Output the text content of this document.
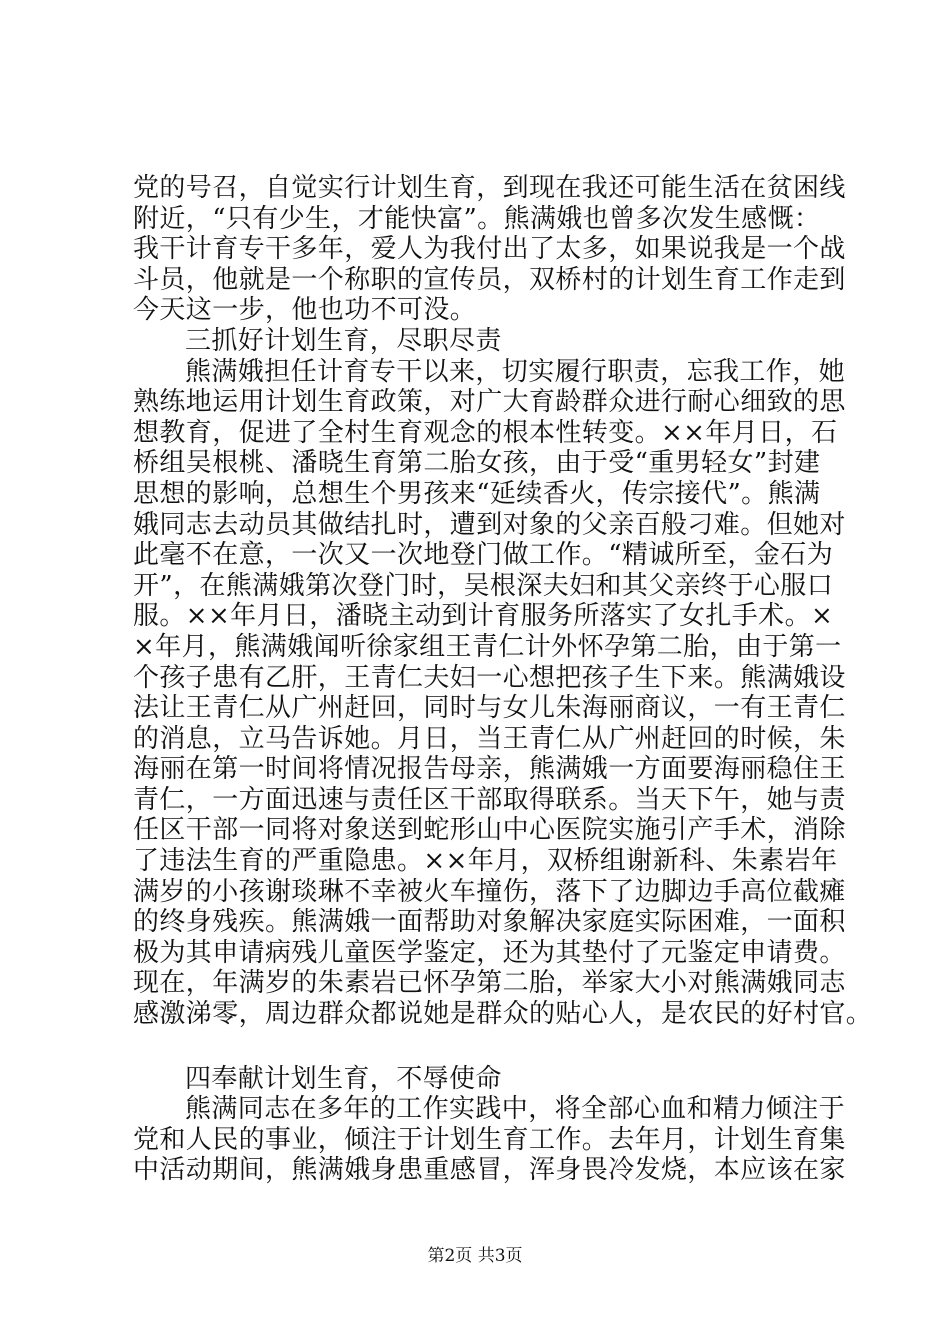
党的号召，自觉实行计划生育，到现在我还可能生活在贫困线
附近，“只有少生，才能快富”。熊满娥也曾多次发生感慨：
我干计育专干多年，爱人为我付出了太多，如果说我是一个战
斗员，他就是一个称职的宣传员，双桥村的计划生育工作走到
今天这一步，他也功不可没。
三抓好计划生育，尽职尽责
熊满娥担任计育专干以来，切实履行职责，忘我工作，她
熟练地运用计划生育政策，对广大育龄群众进行耐心细致的思
想教育，促进了全村生育观念的根本性转变。××年月日，石
桥组吴根桃、潘晓生育第二胎女孩，由于受“重男轻女”封建
思想的影响，总想生个男孩来“延续香火，传宗接代”。熊满
娥同志去动员其做结扎时，遭到对象的父亲百般刁难。但她对
此毫不在意，一次又一次地登门做工作。“精诚所至，金石为
开”，在熊满娥第次登门时，吴根深夫妇和其父亲终于心服口
服。××年月日，潘晓主动到计育服务所落实了女扎手术。×
×年月，熊满娥闻听徐家组王青仁计外怀孕第二胎，由于第一
个孩子患有乙肝，王青仁夫妇一心想把孩子生下来。熊满娥设
法让王青仁从广州赶回，同时与女儿朱海丽商议，一有王青仁
的消息，立马告诉她。月日，当王青仁从广州赶回的时候，朱
海丽在第一时间将情况报告母亲，熊满娥一方面要海丽稳住王
青仁，一方面迅速与责任区干部取得联系。当天下午，她与责
任区干部一同将对象送到蛇形山中心医院实施引产手术，消除
了违法生育的严重隐患。××年月，双桥组谢新科、朱素岩年
满岁的小孩谢琰琳不幸被火车撞伤，落下了边脚边手高位截瘫
的终身残疾。熊满娥一面帮助对象解决家庭实际困难，一面积
极为其申请病残儿童医学鉴定，还为其垫付了元鉴定申请费。
现在，年满岁的朱素岩已怀孕第二胎，举家大小对熊满娥同志
感激涕零，周边群众都说她是群众的贴心人，是农民的好村官。
四奉献计划生育，不辱使命
熊满同志在多年的工作实践中，将全部心血和精力倾注于
党和人民的事业，倾注于计划生育工作。去年月，计划生育集
中活动期间，熊满娥身患重感冒，浑身畏冷发烧，本应该在家
第2页 共3页
